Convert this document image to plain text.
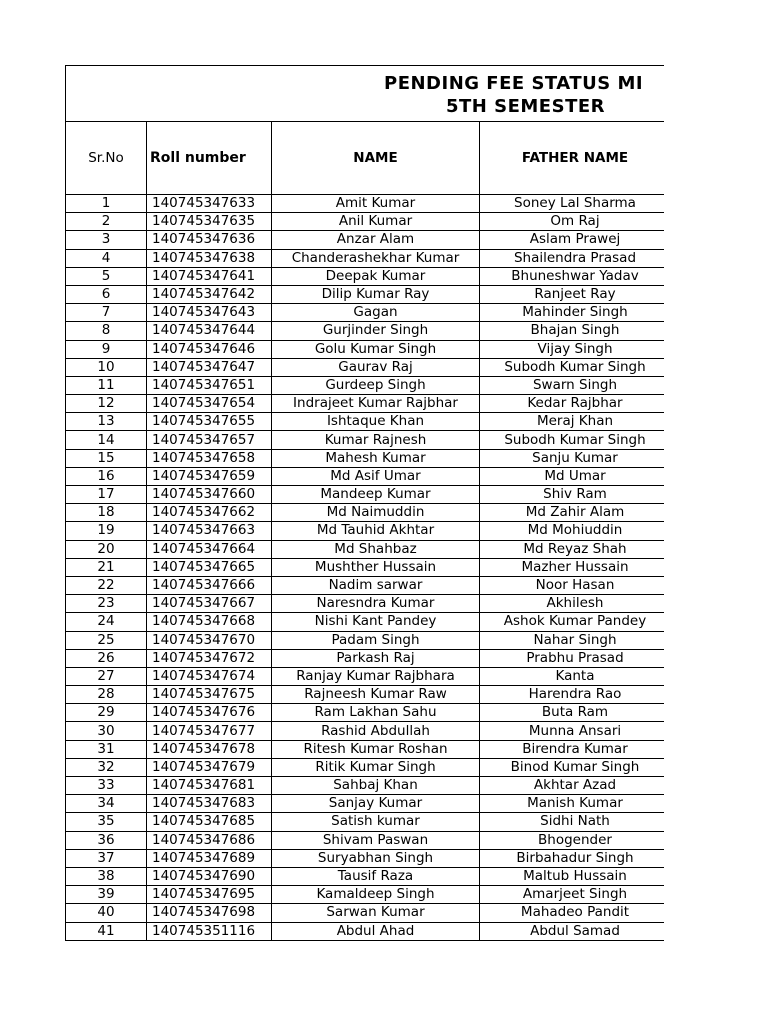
PENDING FEE STATUS MI
5TH SEMESTER
Sr.No	Roll number	NAME	FATHER NAME
1	140745347633	Amit Kumar	Soney Lal Sharma
2	140745347635	Anil Kumar	Om Raj
3	140745347636	Anzar Alam	Aslam Prawej
4	140745347638	Chanderashekhar Kumar	Shailendra Prasad
5	140745347641	Deepak Kumar	Bhuneshwar Yadav
6	140745347642	Dilip Kumar Ray	Ranjeet Ray
7	140745347643	Gagan	Mahinder Singh
8	140745347644	Gurjinder Singh	Bhajan Singh
9	140745347646	Golu Kumar Singh	Vijay Singh
10	140745347647	Gaurav Raj	Subodh Kumar Singh
11	140745347651	Gurdeep Singh	Swarn Singh
12	140745347654	Indrajeet Kumar Rajbhar	Kedar Rajbhar
13	140745347655	Ishtaque Khan	Meraj Khan
14	140745347657	Kumar Rajnesh	Subodh Kumar Singh
15	140745347658	Mahesh Kumar	Sanju Kumar
16	140745347659	Md Asif Umar	Md Umar
17	140745347660	Mandeep Kumar	Shiv Ram
18	140745347662	Md Naimuddin	Md Zahir Alam
19	140745347663	Md Tauhid Akhtar	Md Mohiuddin
20	140745347664	Md Shahbaz	Md Reyaz Shah
21	140745347665	Mushther Hussain	Mazher Hussain
22	140745347666	Nadim sarwar	Noor Hasan
23	140745347667	Naresndra Kumar	Akhilesh
24	140745347668	Nishi Kant Pandey	Ashok Kumar Pandey
25	140745347670	Padam Singh	Nahar Singh
26	140745347672	Parkash Raj	Prabhu Prasad
27	140745347674	Ranjay Kumar Rajbhara	Kanta
28	140745347675	Rajneesh Kumar Raw	Harendra Rao
29	140745347676	Ram Lakhan Sahu	Buta Ram
30	140745347677	Rashid Abdullah	Munna Ansari
31	140745347678	Ritesh Kumar Roshan	Birendra Kumar
32	140745347679	Ritik Kumar Singh	Binod Kumar Singh
33	140745347681	Sahbaj Khan	Akhtar Azad
34	140745347683	Sanjay Kumar	Manish Kumar
35	140745347685	Satish kumar	Sidhi Nath
36	140745347686	Shivam Paswan	Bhogender
37	140745347689	Suryabhan Singh	Birbahadur Singh
38	140745347690	Tausif Raza	Maltub Hussain
39	140745347695	Kamaldeep Singh	Amarjeet Singh
40	140745347698	Sarwan Kumar	Mahadeo Pandit
41	140745351116	Abdul Ahad	Abdul Samad
